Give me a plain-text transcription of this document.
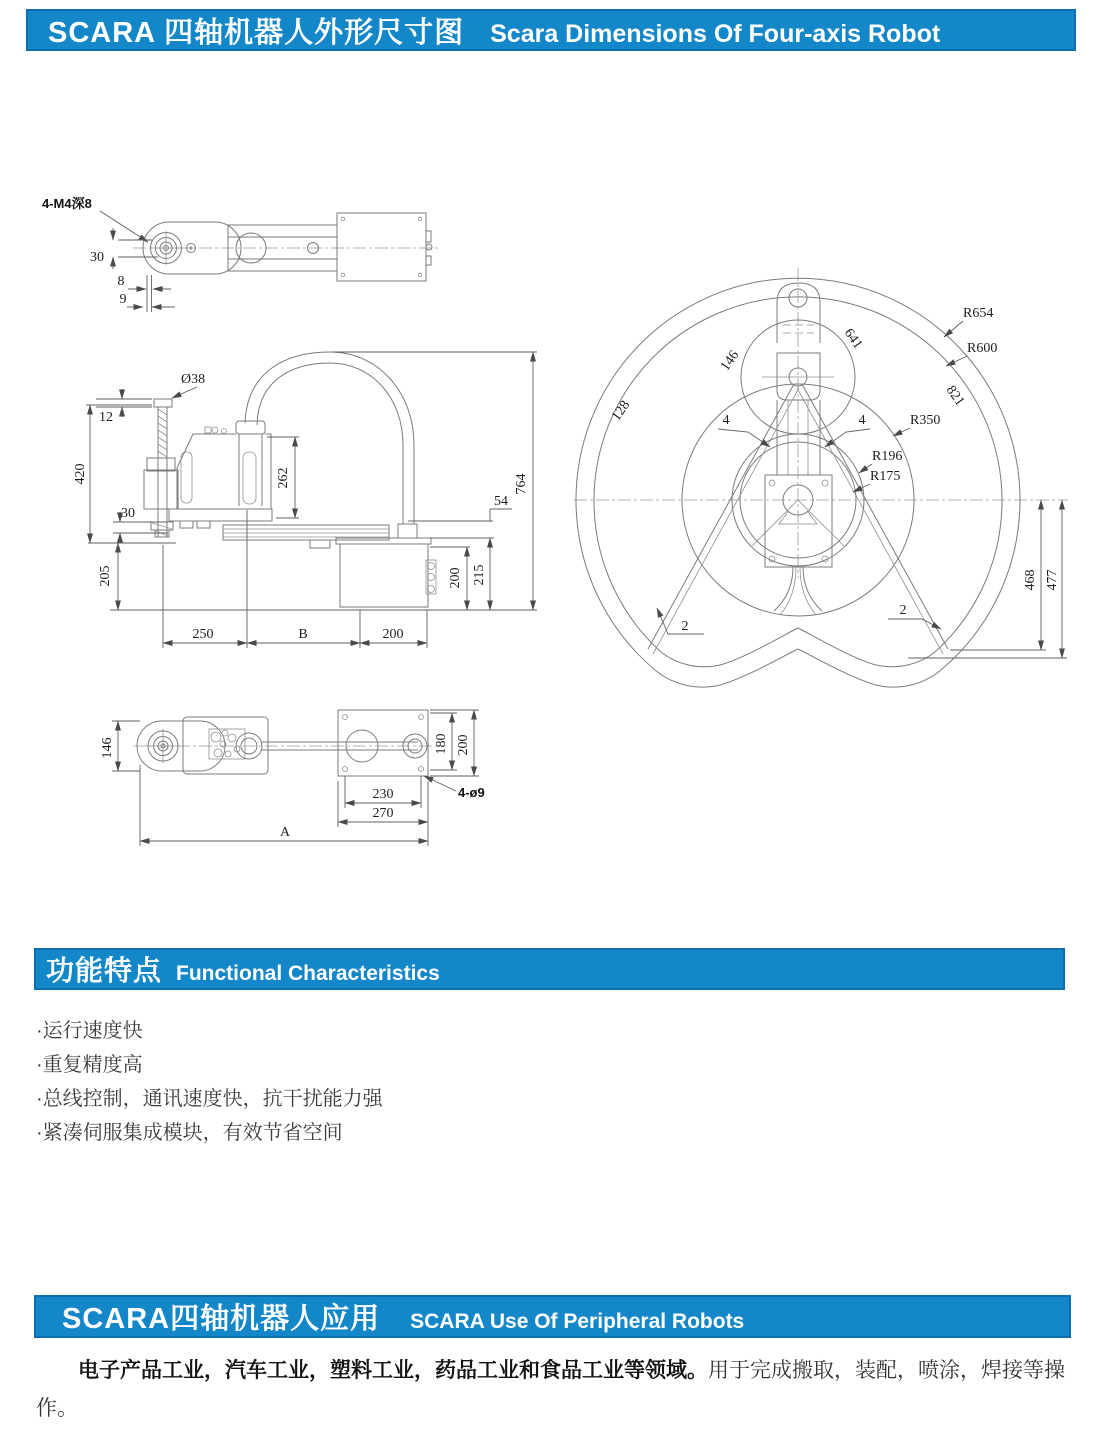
SCARA 四轴机器人外形尺寸图 Scara Dimensions Of Four-axis Robot
4-M4深8
30
8
9
Ø38
12
420
30
205
262	764
54
200 215
250	B	200
146	180 200
230
270
A
4-ø9
R654
R600
821
R350
R196
R175
641
146
128	4	4
2
2
468 477
功能特点 Functional Characteristics
·运行速度快
·重复精度高
·总线控制，通讯速度快，抗干扰能力强
·紧凑伺服集成模块，有效节省空间
SCARA四轴机器人应用 SCARA Use Of Peripheral Robots

电子产品工业，汽车工业，塑料工业，药品工业和食品工业等领域。用于完成搬取，装配，喷涂，焊接等操作。
